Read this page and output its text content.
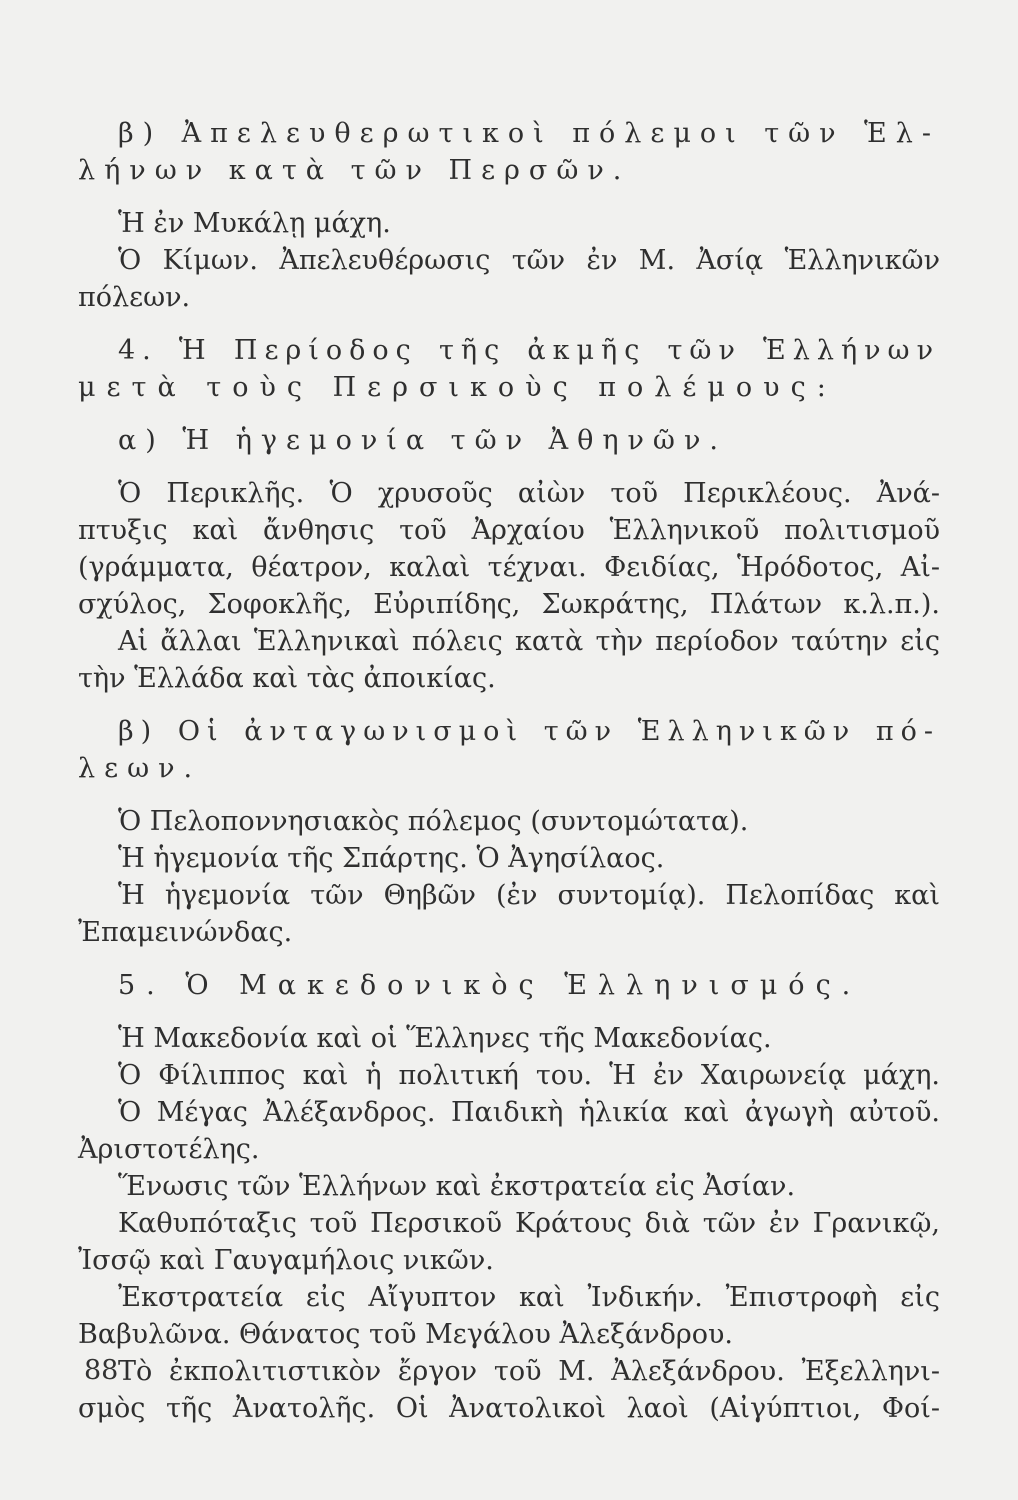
β) Ἀπελευθερωτικοὶ πόλεμοι τῶν Ἑλ-
λήνων κατὰ τῶν Περσῶν.
Ἡ ἐν Μυκάλῃ μάχη.
Ὁ Κίμων. Ἀπελευθέρωσις τῶν ἐν Μ. Ἀσίᾳ Ἑλληνικῶν
πόλεων.
4. Ἡ Περίοδος τῆς ἀκμῆς τῶν Ἑλλήνων
μετὰ τοὺς Περσικοὺς πολέμους:
α) Ἡ ἡγεμονία τῶν Ἀθηνῶν.
Ὁ Περικλῆς. Ὁ χρυσοῦς αἰὼν τοῦ Περικλέους. Ἀνά-
πτυξις καὶ ἄνθησις τοῦ Ἀρχαίου Ἑλληνικοῦ πολιτισμοῦ
(γράμματα, θέατρον, καλαὶ τέχναι. Φειδίας, Ἡρόδοτος, Αἰ-
σχύλος, Σοφοκλῆς, Εὐριπίδης, Σωκράτης, Πλάτων κ.λ.π.).
Αἱ ἄλλαι Ἑλληνικαὶ πόλεις κατὰ τὴν περίοδον ταύτην εἰς
τὴν Ἑλλάδα καὶ τὰς ἀποικίας.
β) Οἱ ἀνταγωνισμοὶ τῶν Ἑλληνικῶν πό-
λεων.
Ὁ Πελοποννησιακὸς πόλεμος (συντομώτατα).
Ἡ ἡγεμονία τῆς Σπάρτης. Ὁ Ἀγησίλαος.
Ἡ ἡγεμονία τῶν Θηβῶν (ἐν συντομίᾳ). Πελοπίδας καὶ
Ἐπαμεινώνδας.
5. Ὁ Μακεδονικὸς Ἑλληνισμός.
Ἡ Μακεδονία καὶ οἱ Ἕλληνες τῆς Μακεδονίας.
Ὁ Φίλιππος καὶ ἡ πολιτική του. Ἡ ἐν Χαιρωνείᾳ μάχη.
Ὁ Μέγας Ἀλέξανδρος. Παιδικὴ ἡλικία καὶ ἀγωγὴ αὐτοῦ.
Ἀριστοτέλης.
Ἕνωσις τῶν Ἑλλήνων καὶ ἐκστρατεία εἰς Ἀσίαν.
Καθυπόταξις τοῦ Περσικοῦ Κράτους διὰ τῶν ἐν Γρανικῷ,
Ἰσσῷ καὶ Γαυγαμήλοις νικῶν.
Ἐκστρατεία εἰς Αἴγυπτον καὶ Ἰνδικήν. Ἐπιστροφὴ εἰς
Βαβυλῶνα. Θάνατος τοῦ Μεγάλου Ἀλεξάνδρου.
Τὸ ἐκπολιτιστικὸν ἔργον τοῦ Μ. Ἀλεξάνδρου. Ἐξελληνι-
σμὸς τῆς Ἀνατολῆς. Οἱ Ἀνατολικοὶ λαοὶ (Αἰγύπτιοι, Φοί-
88
